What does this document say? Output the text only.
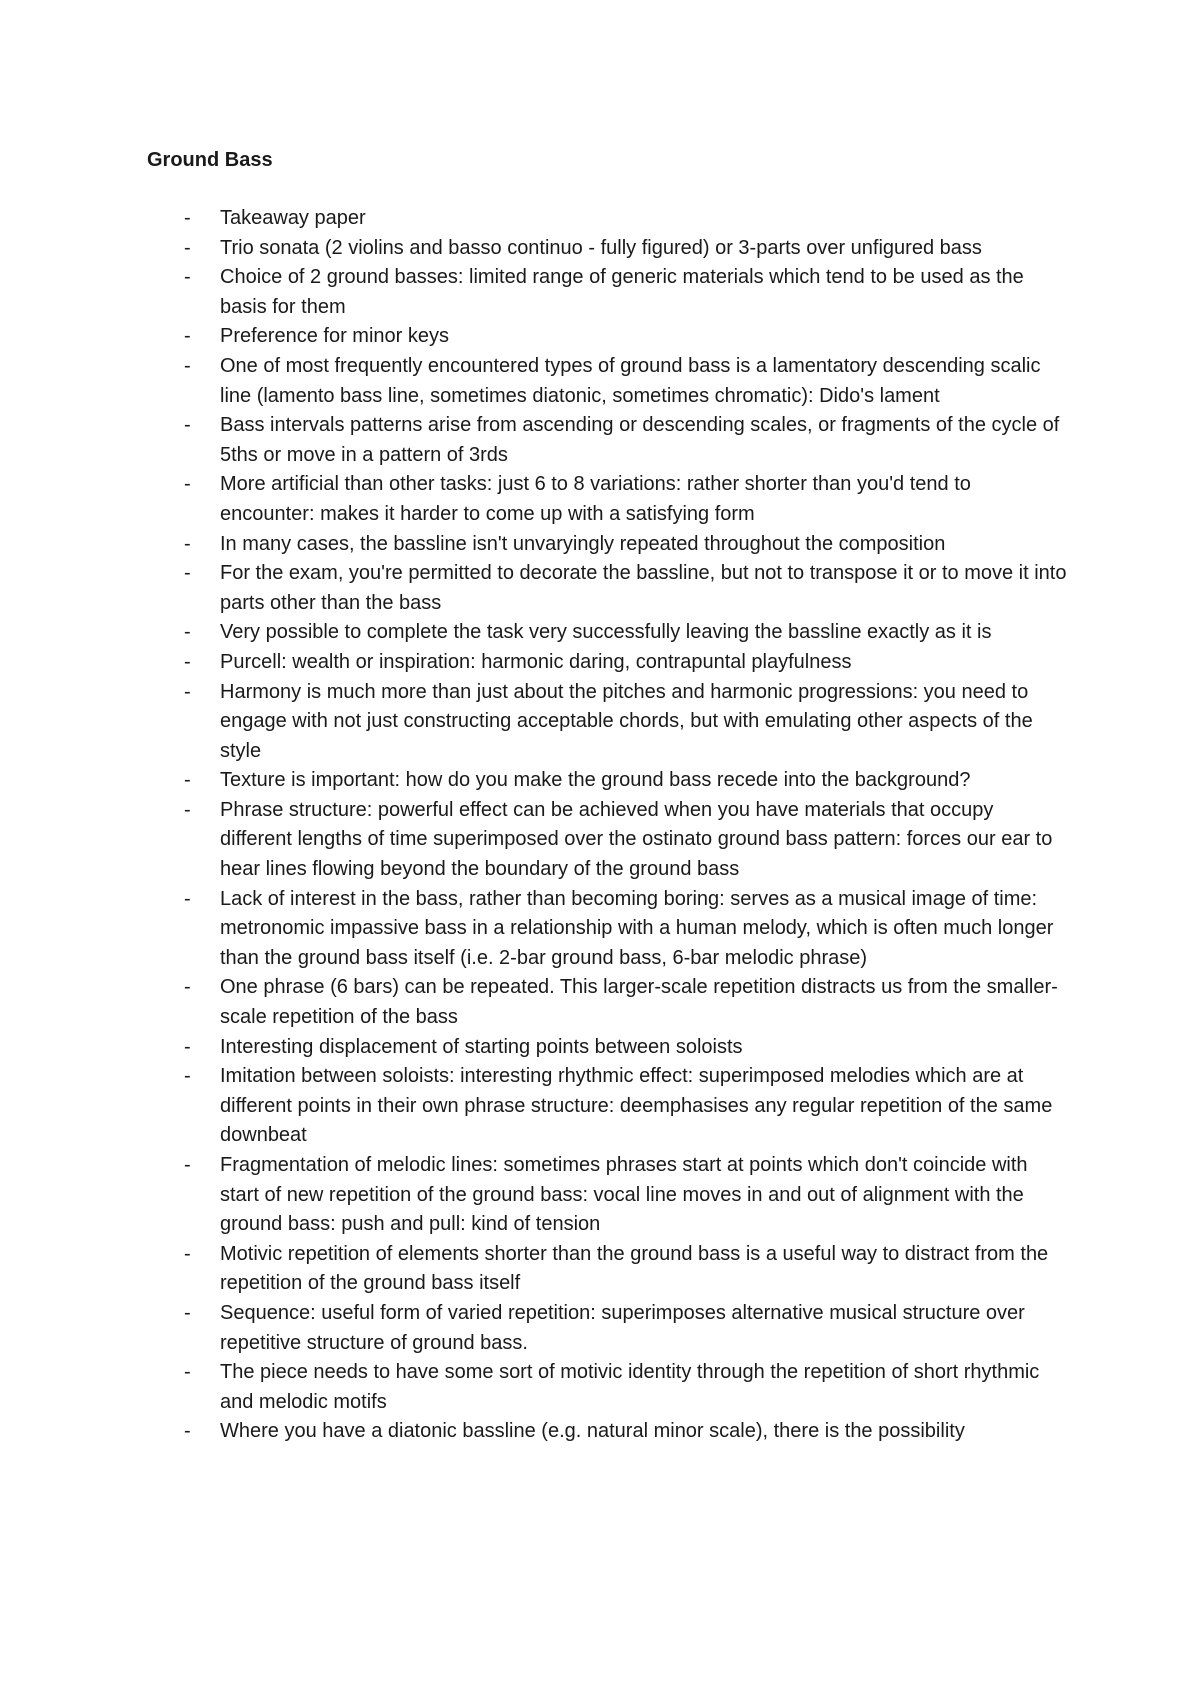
Ground Bass
-	Takeaway paper
-	Trio sonata (2 violins and basso continuo - fully figured) or 3-parts over unfigured bass
-	Choice of 2 ground basses: limited range of generic materials which tend to be used as the basis for them
-	Preference for minor keys
-	One of most frequently encountered types of ground bass is a lamentatory descending scalic line (lamento bass line, sometimes diatonic, sometimes chromatic): Dido's lament
-	Bass intervals patterns arise from ascending or descending scales, or fragments of the cycle of 5ths or move in a pattern of 3rds
-	More artificial than other tasks: just 6 to 8 variations: rather shorter than you'd tend to encounter: makes it harder to come up with a satisfying form
-	In many cases, the bassline isn't unvaryingly repeated throughout the composition
-	For the exam, you're permitted to decorate the bassline, but not to transpose it or to move it into parts other than the bass
-	Very possible to complete the task very successfully leaving the bassline exactly as it is
-	Purcell: wealth or inspiration: harmonic daring, contrapuntal playfulness
-	Harmony is much more than just about the pitches and harmonic progressions: you need to engage with not just constructing acceptable chords, but with emulating other aspects of the style
-	Texture is important: how do you make the ground bass recede into the background?
-	Phrase structure: powerful effect can be achieved when you have materials that occupy different lengths of time superimposed over the ostinato ground bass pattern: forces our ear to hear lines flowing beyond the boundary of the ground bass
-	Lack of interest in the bass, rather than becoming boring: serves as a musical image of time: metronomic impassive bass in a relationship with a human melody, which is often much longer than the ground bass itself (i.e. 2-bar ground bass, 6-bar melodic phrase)
-	One phrase (6 bars) can be repeated. This larger-scale repetition distracts us from the smaller-scale repetition of the bass
-	Interesting displacement of starting points between soloists
-	Imitation between soloists: interesting rhythmic effect: superimposed melodies which are at different points in their own phrase structure: deemphasises any regular repetition of the same downbeat
-	Fragmentation of melodic lines: sometimes phrases start at points which don't coincide with start of new repetition of the ground bass: vocal line moves in and out of alignment with the ground bass: push and pull: kind of tension
-	Motivic repetition of elements shorter than the ground bass is a useful way to distract from the repetition of the ground bass itself
-	Sequence: useful form of varied repetition: superimposes alternative musical structure over repetitive structure of ground bass.
-	The piece needs to have some sort of motivic identity through the repetition of short rhythmic and melodic motifs
-	Where you have a diatonic bassline (e.g. natural minor scale), there is the possibility
